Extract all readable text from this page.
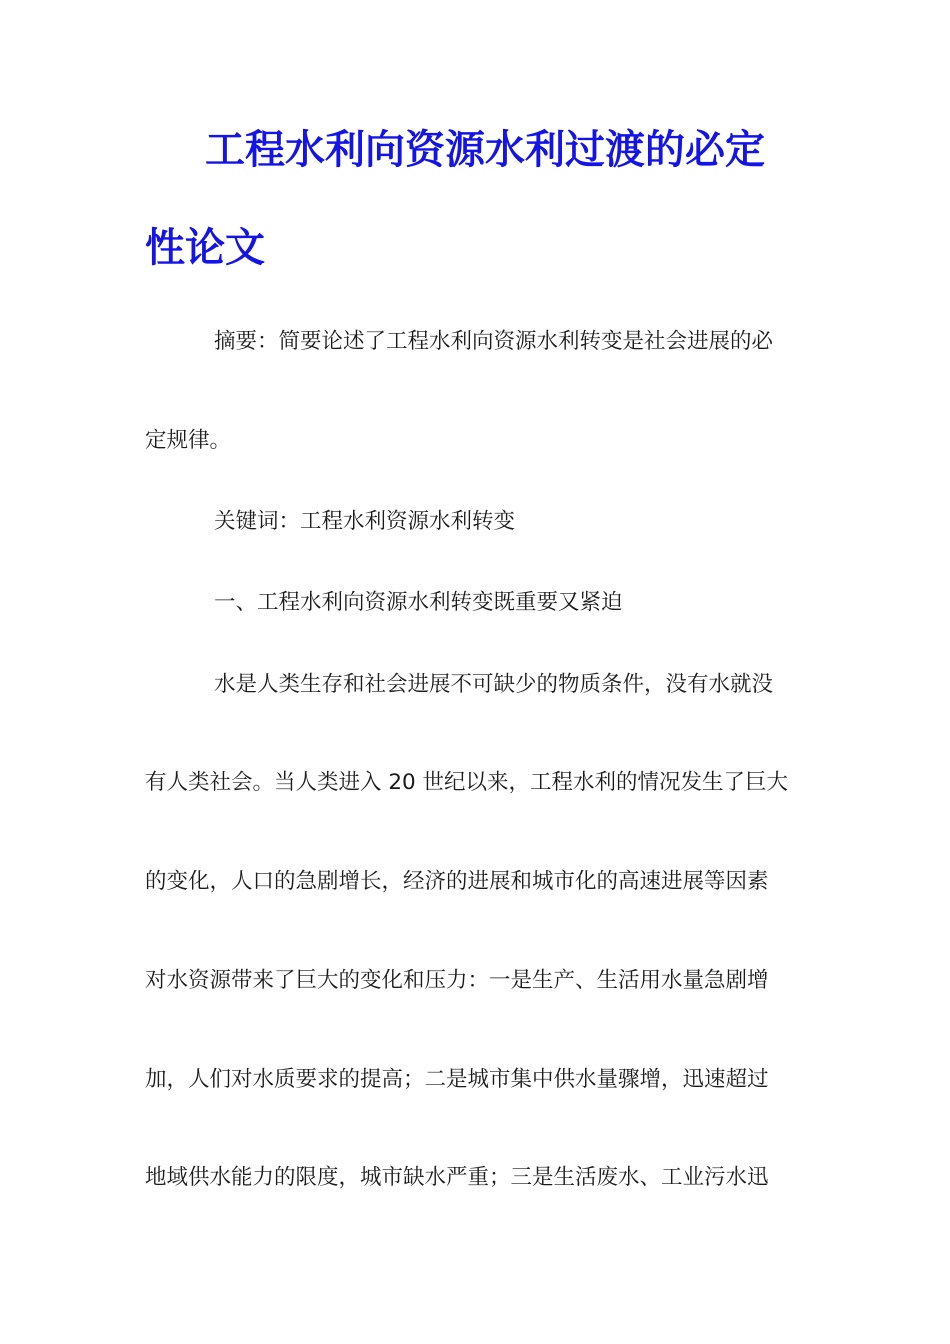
工程水利向资源水利过渡的必定
性论文

摘要：简要论述了工程水利向资源水利转变是社会进展的必

定规律。

关键词：工程水利资源水利转变

一、工程水利向资源水利转变既重要又紧迫

水是人类生存和社会进展不可缺少的物质条件，没有水就没

有人类社会。当人类进入 20 世纪以来，工程水利的情况发生了巨大

的变化，人口的急剧增长，经济的进展和城市化的高速进展等因素

对水资源带来了巨大的变化和压力：一是生产、生活用水量急剧增

加，人们对水质要求的提高；二是城市集中供水量骤增，迅速超过

地域供水能力的限度，城市缺水严重；三是生活废水、工业污水迅
